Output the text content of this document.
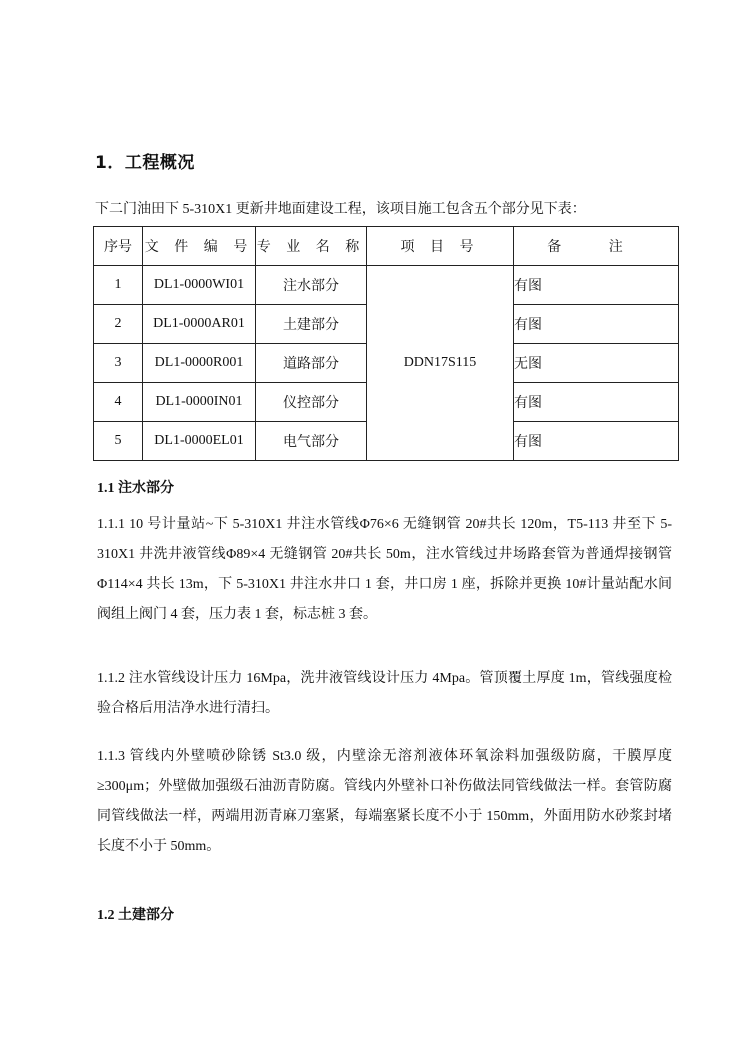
1．工程概况
下二门油田下 5-310X1 更新井地面建设工程，该项目施工包含五个部分见下表：
序号	文 件 编 号	专 业 名 称	项 目 号	备 注
1	DL1-0000WI01	注水部分	DDN17S115	有图
2	DL1-0000AR01	土建部分		有图
3	DL1-0000R001	道路部分		无图
4	DL1-0000IN01	仪控部分		有图
5	DL1-0000EL01	电气部分		有图
1.1 注水部分

1.1.1 10 号计量站~下 5-310X1 井注水管线Φ76×6 无缝钢管 20#共长 120m，T5-113 井至下 5-310X1 井洗井液管线Φ89×4 无缝钢管 20#共长 50m，注水管线过井场路套管为普通焊接钢管Φ114×4 共长 13m，下 5-310X1 井注水井口 1 套，井口房 1 座，拆除并更换 10#计量站配水间阀组上阀门 4 套，压力表 1 套，标志桩 3 套。

1.1.2 注水管线设计压力 16Mpa，洗井液管线设计压力 4Mpa。管顶覆土厚度 1m，管线强度检验合格后用洁净水进行清扫。

1.1.3 管线内外壁喷砂除锈 St3.0 级，内壁涂无溶剂液体环氧涂料加强级防腐，干膜厚度≥300μm；外壁做加强级石油沥青防腐。管线内外壁补口补伤做法同管线做法一样。套管防腐同管线做法一样，两端用沥青麻刀塞紧，每端塞紧长度不小于 150mm，外面用防水砂浆封堵长度不小于 50mm。

1.2 土建部分
